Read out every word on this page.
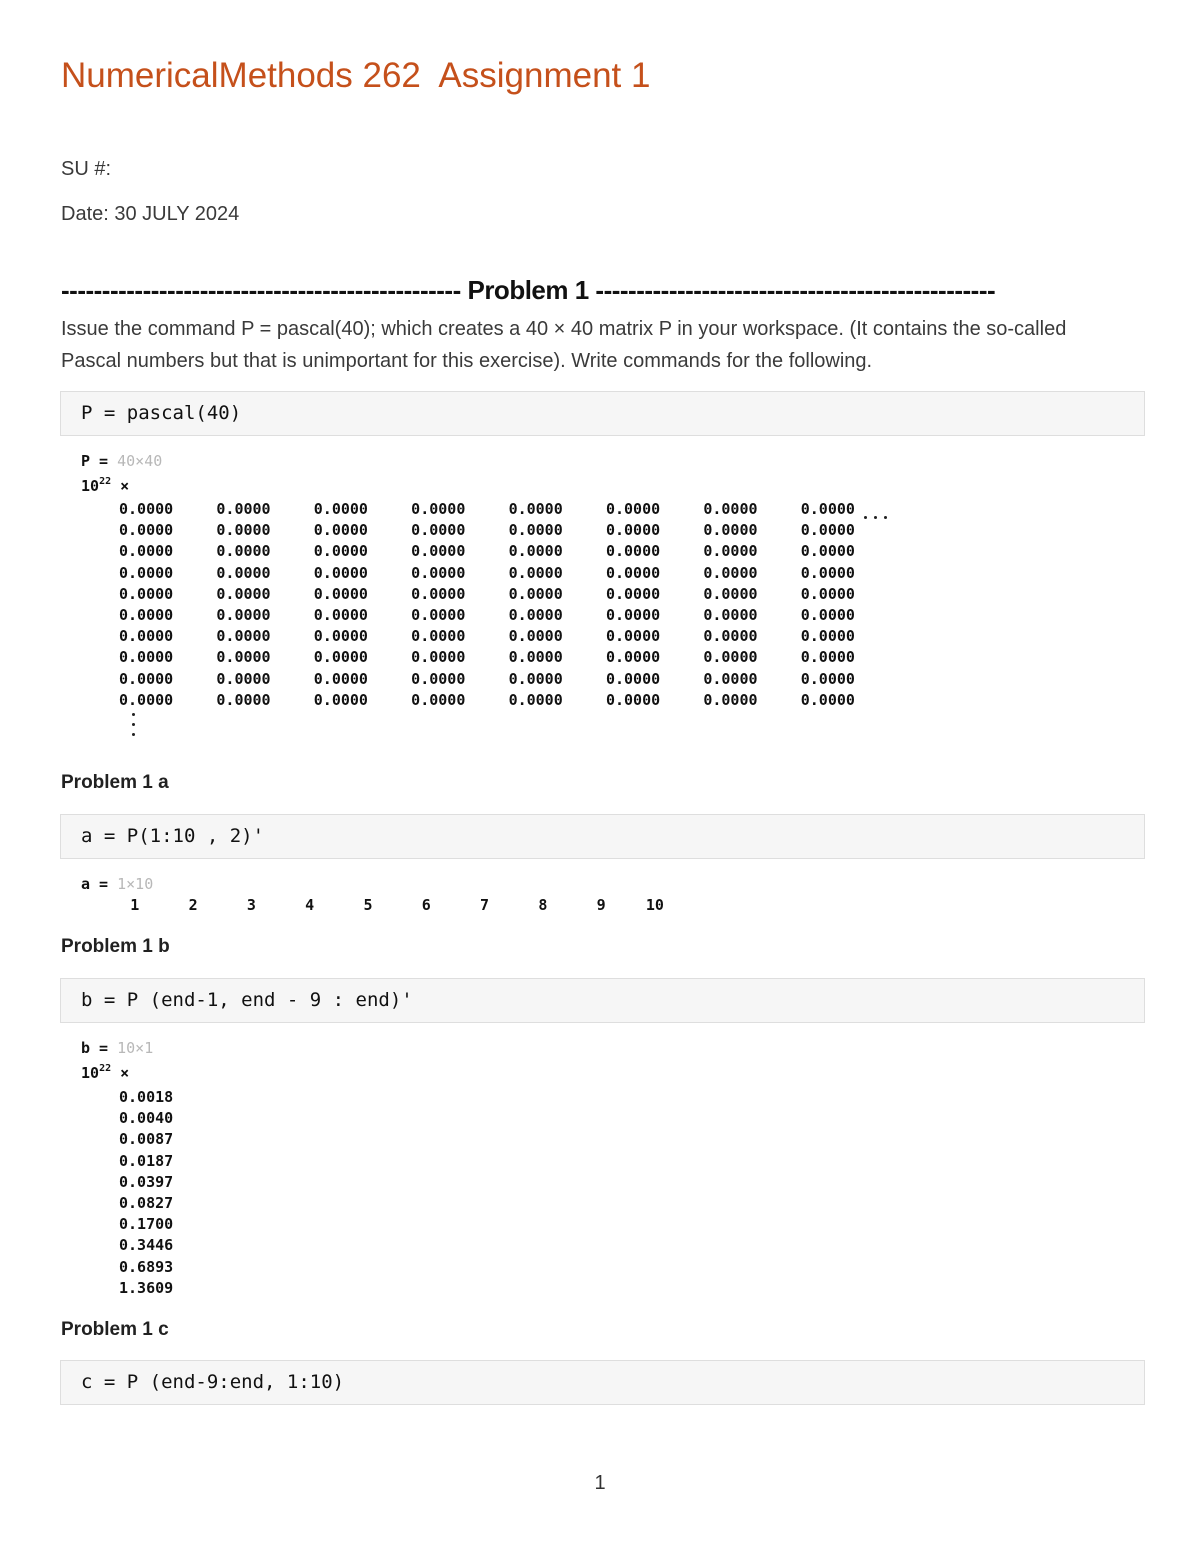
NumericalMethods 262  Assignment 1
SU #:
Date: 30 JULY 2024
------------------------------------------------- Problem 1 -------------------------------------------------
Issue the command P = pascal(40); which creates a 40 × 40 matrix P in your workspace. (It contains the so-called Pascal numbers but that is unimportant for this exercise). Write commands for the following.
P = pascal(40)
P = 40×40
$10^{22}$ ×
0.0000	0.0000	0.0000	0.0000	0.0000	0.0000	0.0000	0.0000
0.0000	0.0000	0.0000	0.0000	0.0000	0.0000	0.0000	0.0000
0.0000	0.0000	0.0000	0.0000	0.0000	0.0000	0.0000	0.0000
0.0000	0.0000	0.0000	0.0000	0.0000	0.0000	0.0000	0.0000
0.0000	0.0000	0.0000	0.0000	0.0000	0.0000	0.0000	0.0000
0.0000	0.0000	0.0000	0.0000	0.0000	0.0000	0.0000	0.0000
0.0000	0.0000	0.0000	0.0000	0.0000	0.0000	0.0000	0.0000
0.0000	0.0000	0.0000	0.0000	0.0000	0.0000	0.0000	0.0000
0.0000	0.0000	0.0000	0.0000	0.0000	0.0000	0.0000	0.0000
0.0000	0.0000	0.0000	0.0000	0.0000	0.0000	0.0000	0.0000
Problem 1 a
a = P(1:10 , 2)'
a = 1×10
1	2	3	4	5	6	7	8	9	10
Problem 1 b
b = P (end-1, end - 9 : end)'
b = 10×1
$10^{22}$ ×
0.0018
0.0040
0.0087
0.0187
0.0397
0.0827
0.1700
0.3446
0.6893
1.3609
Problem 1 c
c = P (end-9:end, 1:10)
1
